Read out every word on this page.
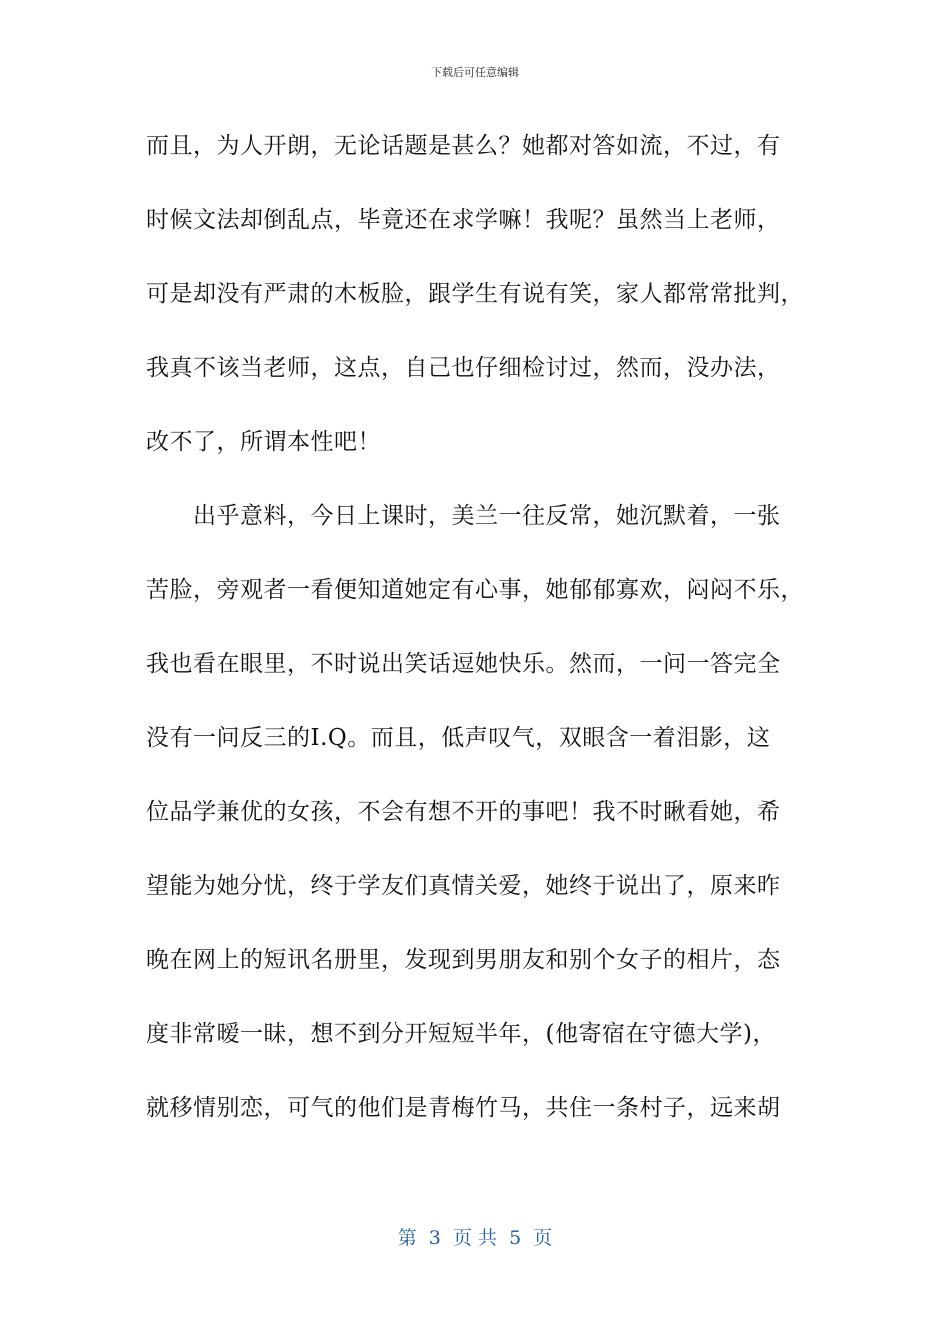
下载后可任意编辑
而且，为人开朗，无论话题是甚么？她都对答如流，不过，有
时候文法却倒乱点，毕竟还在求学嘛！我呢？虽然当上老师，
可是却没有严肃的木板脸，跟学生有说有笑，家人都常常批判，
我真不该当老师，这点，自己也仔细检讨过，然而，没办法，
改不了，所谓本性吧！
出乎意料，今日上课时，美兰一往反常，她沉默着，一张
苦脸，旁观者一看便知道她定有心事，她郁郁寡欢，闷闷不乐，
我也看在眼里，不时说出笑话逗她快乐。然而，一问一答完全
没有一问反三的I.Q。而且，低声叹气，双眼含一着泪影，这
位品学兼优的女孩，不会有想不开的事吧！我不时瞅看她，希
望能为她分忧，终于学友们真情关爱，她终于说出了，原来昨
晚在网上的短讯名册里，发现到男朋友和别个女子的相片，态
度非常暧一昧，想不到分开短短半年，(他寄宿在守德大学)，
就移情别恋，可气的他们是青梅竹马，共住一条村子，远来胡
第  3  页 共  5  页
